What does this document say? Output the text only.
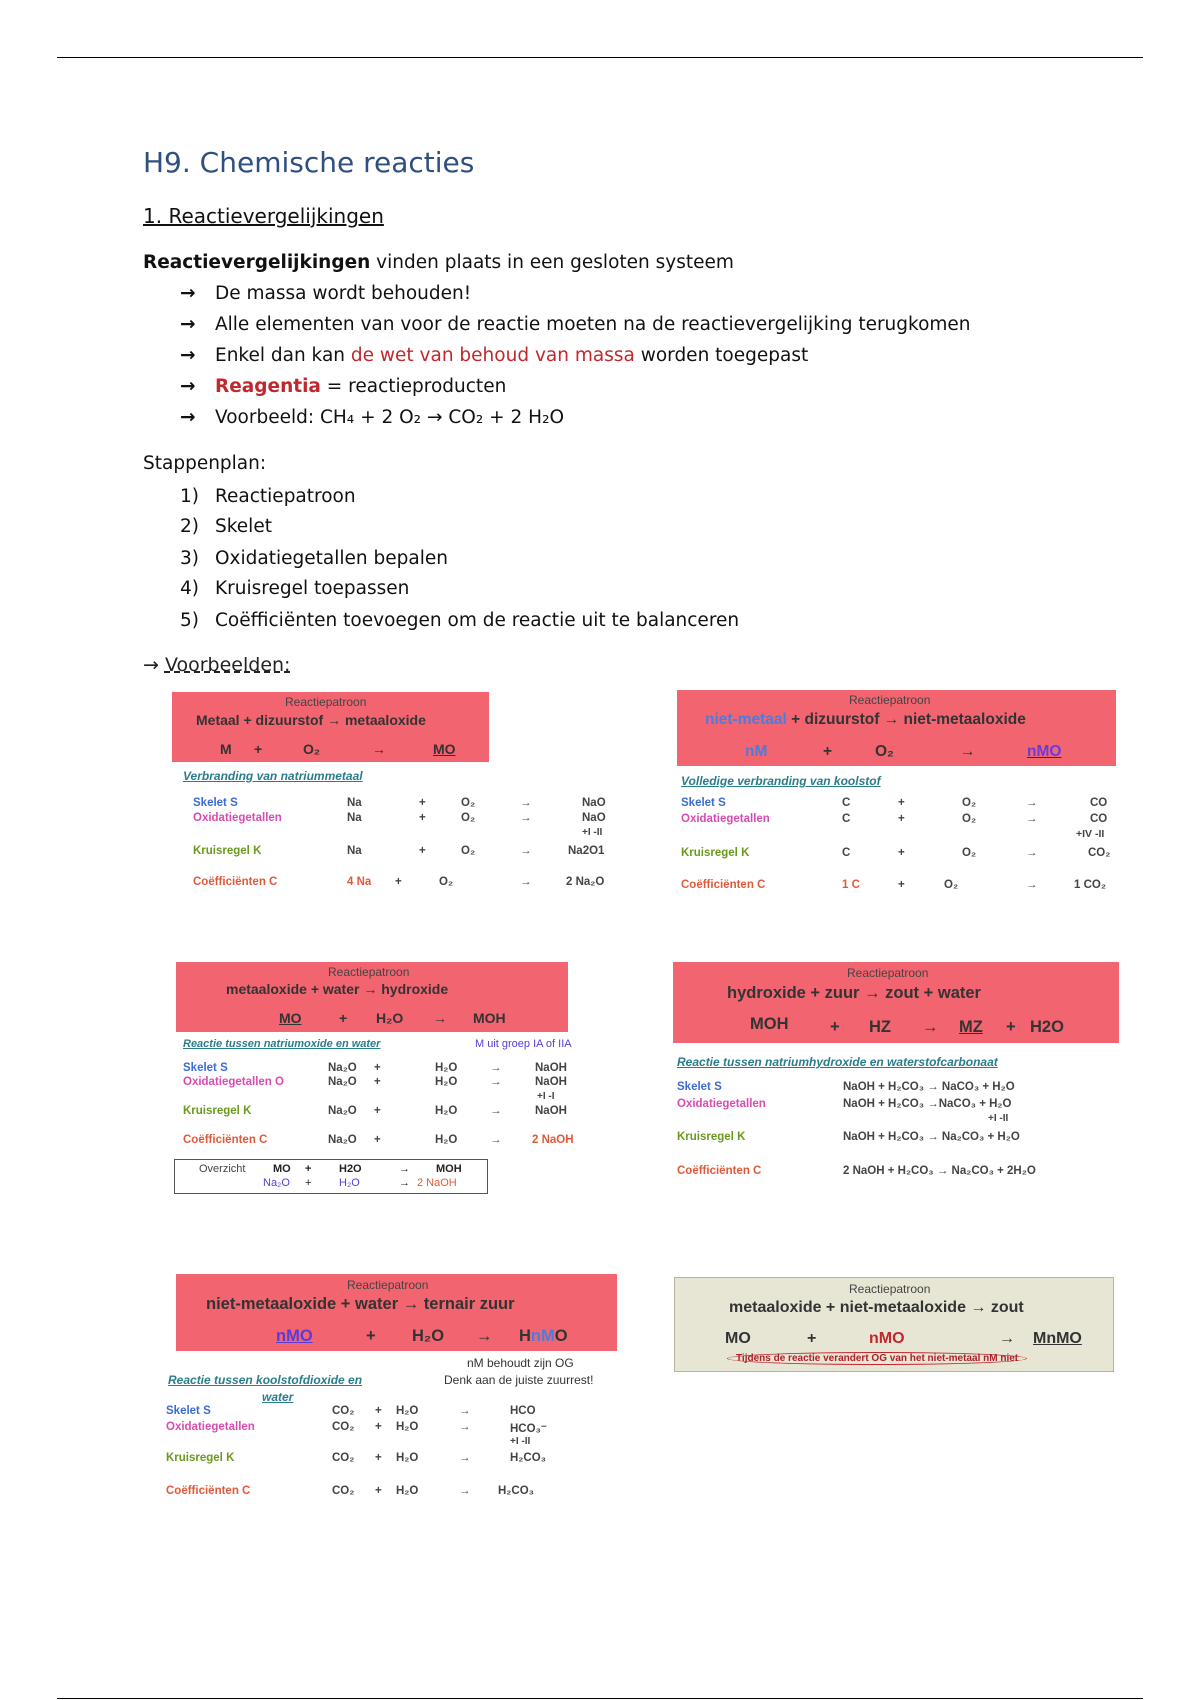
H9. Chemische reacties
1. Reactievergelijkingen
Reactievergelijkingen vinden plaats in een gesloten systeem
→ De massa wordt behouden!
→ Alle elementen van voor de reactie moeten na de reactievergelijking terugkomen
→ Enkel dan kan de wet van behoud van massa worden toegepast
→ Reagentia = reactieproducten
→ Voorbeeld: CH₄ + 2 O₂ → CO₂ + 2 H₂O
Stappenplan:
1) Reactiepatroon
2) Skelet
3) Oxidatiegetallen bepalen
4) Kruisregel toepassen
5) Coëfficiënten toevoegen om de reactie uit te balanceren
→ Voorbeelden:
Reactiepatroon
Metaal + dizuurstof → metaaloxide
M +	O₂	→	MO
Verbranding van natriummetaal
Skelet S	Na	+	O₂	→	NaO
Oxidatiegetallen	Na	+	O₂	→	NaO
+I -II
Kruisregel K	Na	+	O₂	→	Na2O1
Coëfficiënten C	4 Na +	O₂	→	2 Na₂O
Reactiepatroon
niet-metaal + dizuurstof → niet-metaaloxide
nM	+	O₂	→	nMO
Volledige verbranding van koolstof
Skelet S	C	+	O₂	→	CO
Oxidatiegetallen	C	+	O₂	→	CO
+IV -II
Kruisregel K	C	+	O₂	→	CO₂
Coëfficiënten C	1 C	+	O₂	→	1 CO₂
Reactiepatroon
metaaloxide + water → hydroxide
MO	+ H₂O → MOH
Reactie tussen natriumoxide en water	M uit groep IA of IIA
Skelet S	Na₂O +	H₂O	→	NaOH
Oxidatiegetallen O	Na₂O +	H₂O	→	NaOH
+I -I
Kruisregel K	Na₂O +	H₂O	→	NaOH
Coëfficiënten C	Na₂O +	H₂O	→	2 NaOH
Overzicht	MO +	H2O	→ MOH
Na₂O +	H₂O	→ 2 NaOH
Reactiepatroon
hydroxide + zuur → zout + water
MOH	+ HZ → MZ + H2O
Reactie tussen natriumhydroxide en waterstofcarbonaat
Skelet S	NaOH + H₂CO₃ → NaCO₃ + H₂O
Oxidatiegetallen	NaOH + H₂CO₃ →NaCO₃ + H₂O
+I -II
Kruisregel K	NaOH + H₂CO₃ → Na₂CO₃ + H₂O
Coëfficiënten C	2 NaOH + H₂CO₃ → Na₂CO₃ + 2H₂O
Reactiepatroon
niet-metaaloxide + water → ternair zuur
nMO	+ H₂O → HnMO
nM behoudt zijn OG
Denk aan de juiste zuurrest!
Reactie tussen koolstofdioxide en
water
Skelet S	CO₂ + H₂O	→	HCO
Oxidatiegetallen	CO₂ + H₂O	→	HCO₃⁻
+I -II
Kruisregel K	CO₂ + H₂O	→	H₂CO₃
Coëfficiënten C	CO₂ + H₂O	→ H₂CO₃
Reactiepatroon
metaaloxide + niet-metaaloxide → zout
MO	+	nMO	→ MnMO
Tijdens de reactie verandert OG van het niet-metaal nM niet
